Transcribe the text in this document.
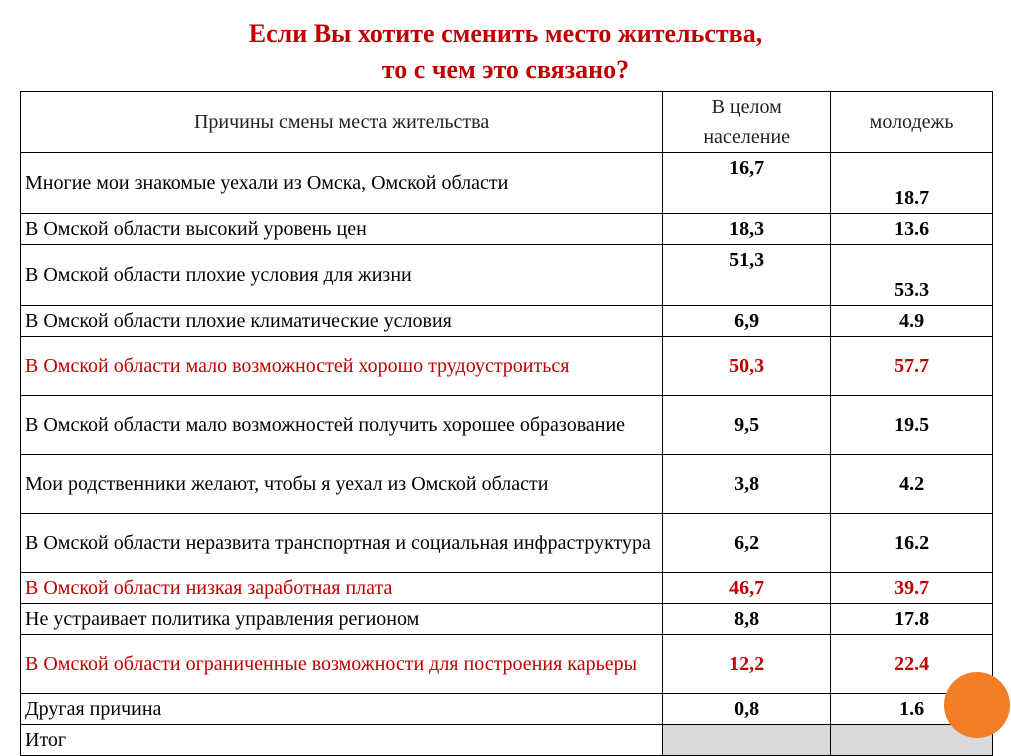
Если Вы хотите сменить место жительства,
то с чем это связано?
Причины смены места жительства	В целом население	молодежь
Многие мои знакомые уехали из Омска, Омской области	16,7	18.7
В Омской области высокий уровень цен	18,3	13.6
В Омской области плохие условия для жизни	51,3	53.3
В Омской области плохие климатические условия	6,9	4.9
В Омской области мало возможностей хорошо трудоустроиться	50,3	57.7
В Омской области мало возможностей получить хорошее образование	9,5	19.5
Мои родственники желают, чтобы я уехал из Омской области	3,8	4.2
В Омской области неразвита транспортная и социальная инфраструктура	6,2	16.2
В Омской области низкая заработная плата	46,7	39.7
Не устраивает политика управления регионом	8,8	17.8
В Омской области ограниченные возможности для построения карьеры	12,2	22.4
Другая причина	0,8	1.6
Итог		
